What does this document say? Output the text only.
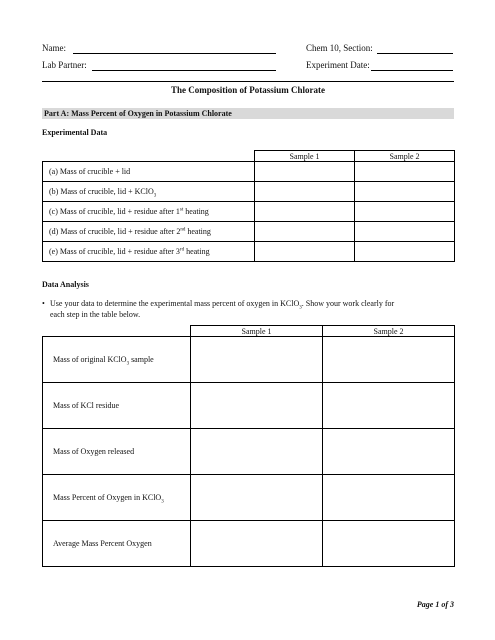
Name:	Chem 10, Section:
Lab Partner:	Experiment Date:
The Composition of Potassium Chlorate
Part A: Mass Percent of Oxygen in Potassium Chlorate
Experimental Data
	Sample 1	Sample 2
(a) Mass of crucible + lid		
(b) Mass of crucible, lid + KClO$_3$		
(c) Mass of crucible, lid + residue after 1st heating		
(d) Mass of crucible, lid + residue after 2nd heating		
(e) Mass of crucible, lid + residue after 3rd heating		
Data Analysis
• Use your data to determine the experimental mass percent of oxygen in KClO$_3$. Show your work clearly for
each step in the table below.
	Sample 1	Sample 2
Mass of original KClO$_3$ sample		
Mass of KCl residue		
Mass of Oxygen released		
Mass Percent of Oxygen in KClO$_3$		
Average Mass Percent Oxygen		
Page 1 of 3
